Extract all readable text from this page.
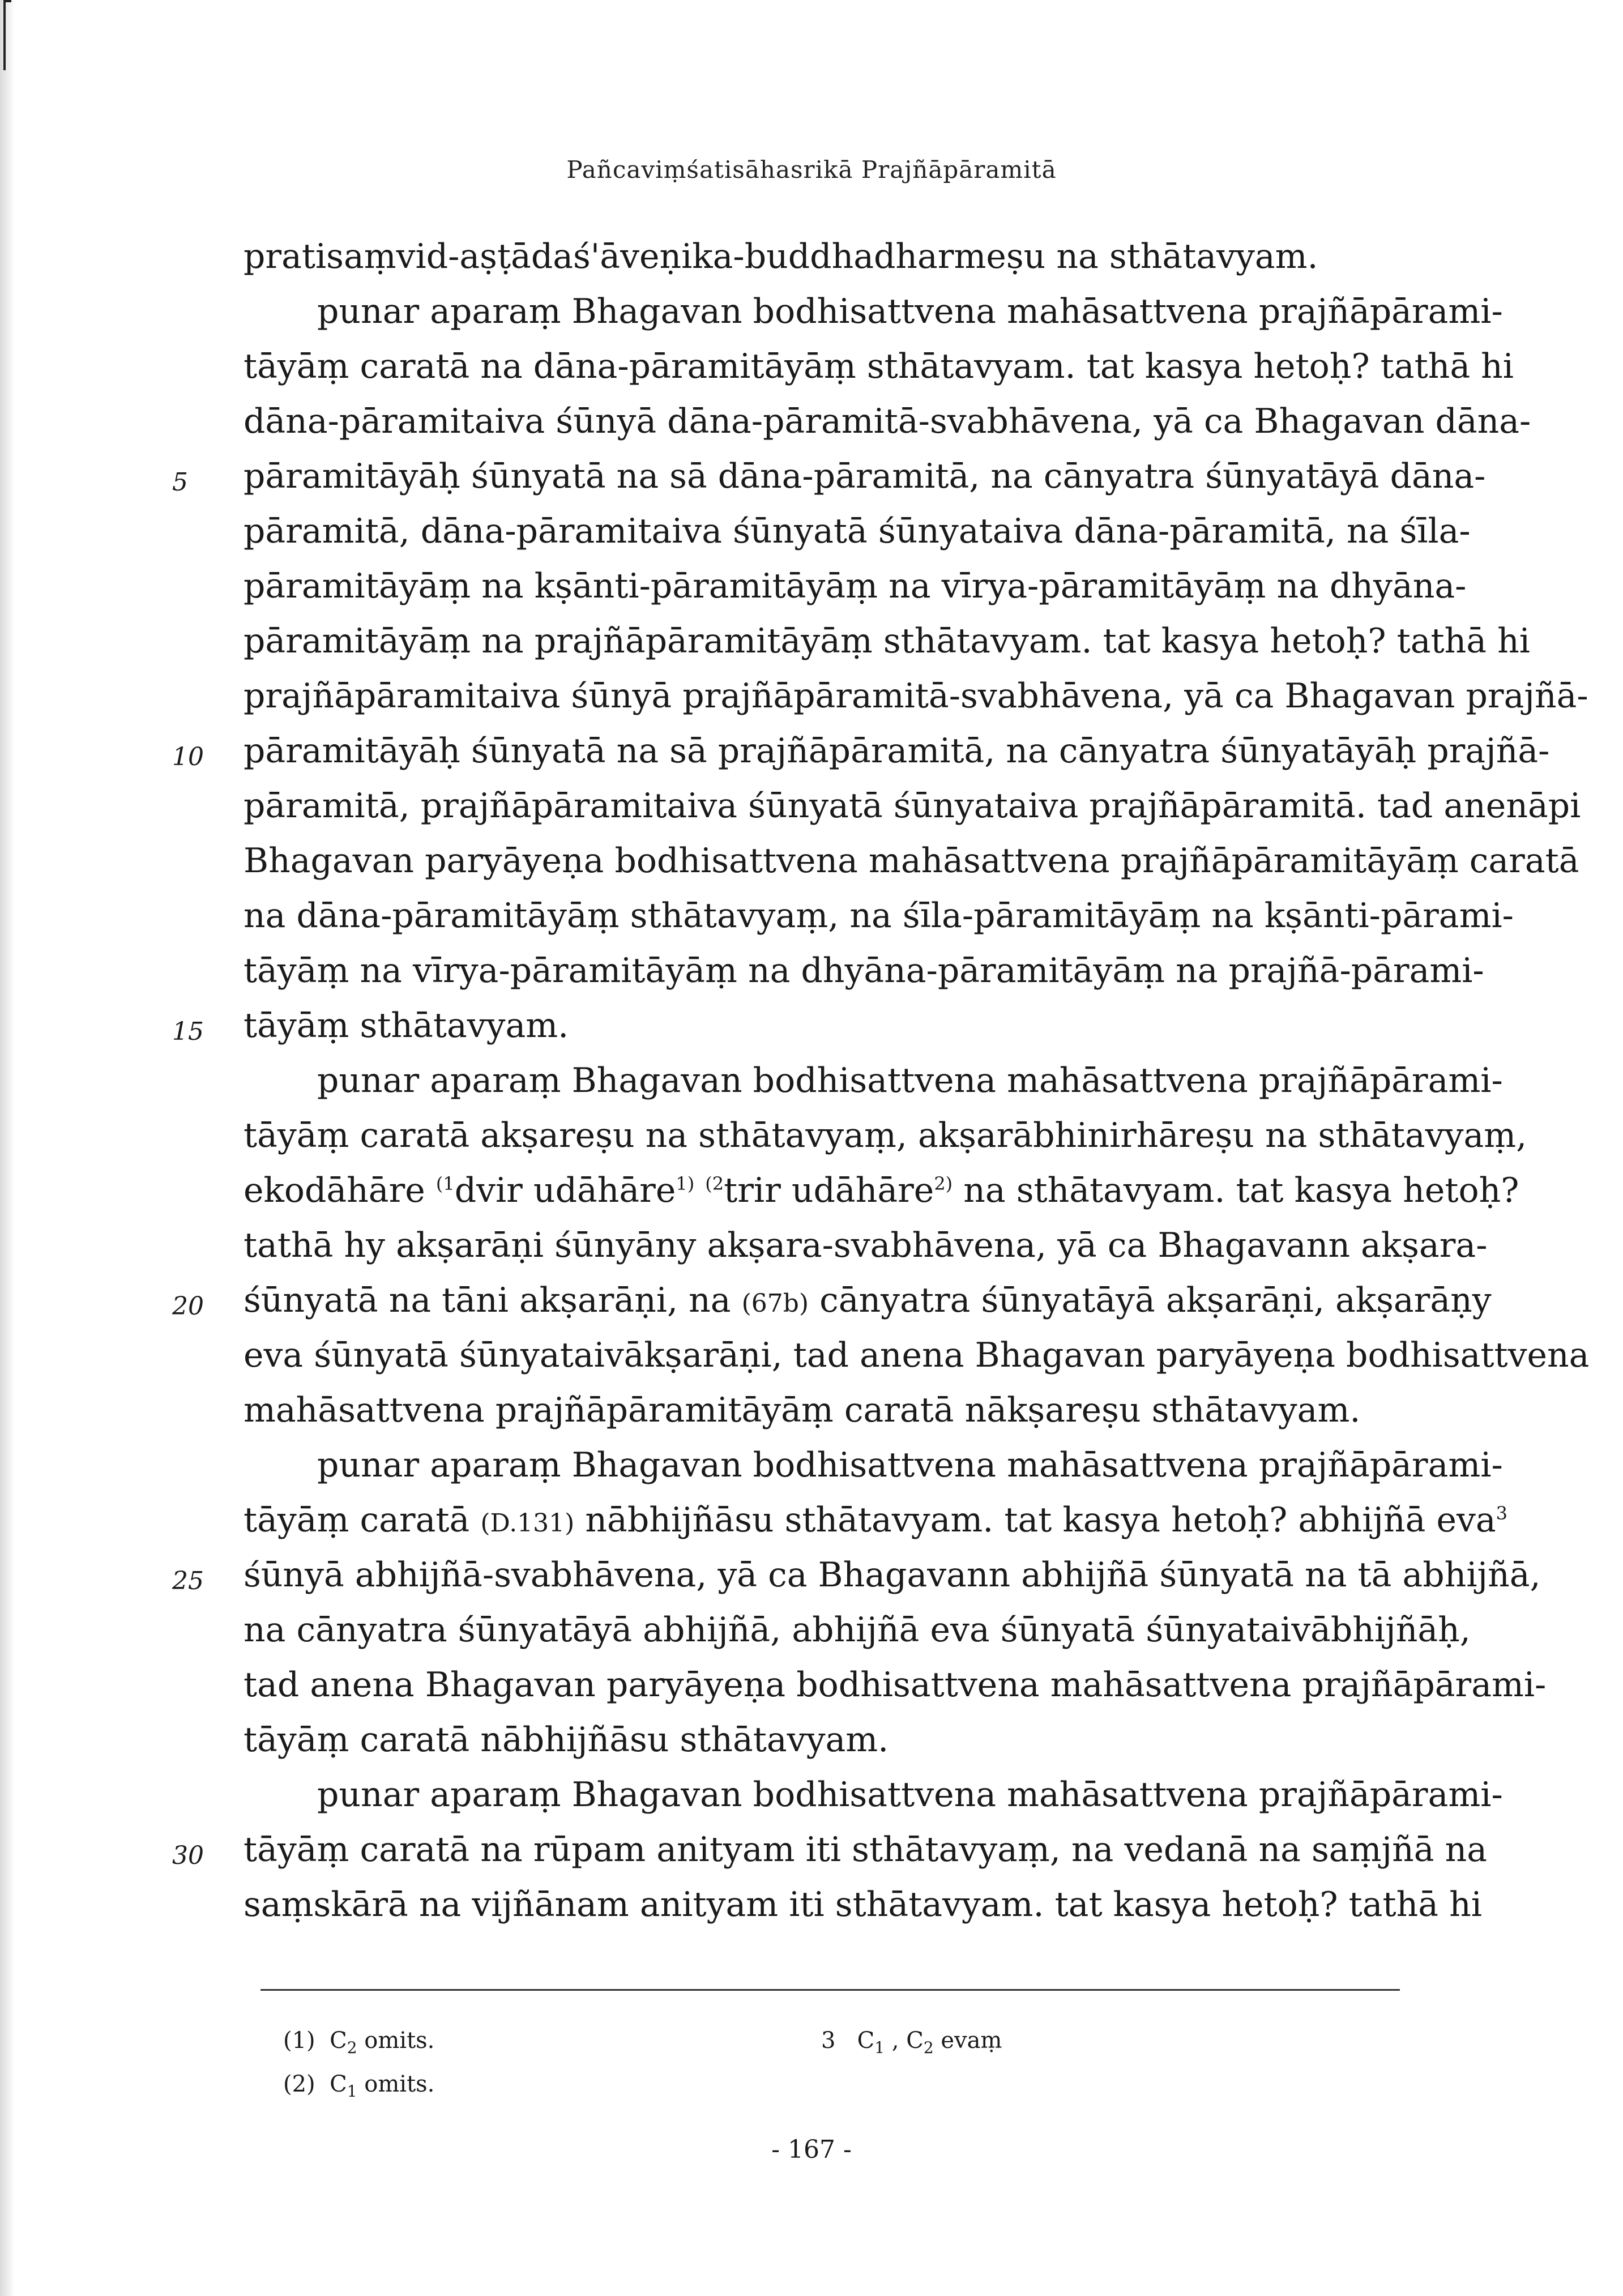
Pañcaviṃśatisāhasrikā Prajñāpāramitā
pratisaṃvid-aṣṭādaś'āveṇika-buddhadharmeṣu na sthātavyam.
punar aparaṃ Bhagavan bodhisattvena mahāsattvena prajñāpārami-
tāyāṃ caratā na dāna-pāramitāyāṃ sthātavyam. tat kasya hetoḥ? tathā hi
dāna-pāramitaiva śūnyā dāna-pāramitā-svabhāvena, yā ca Bhagavan dāna-
5	pāramitāyāḥ śūnyatā na sā dāna-pāramitā, na cānyatra śūnyatāyā dāna-
pāramitā, dāna-pāramitaiva śūnyatā śūnyataiva dāna-pāramitā, na śīla-
pāramitāyāṃ na kṣānti-pāramitāyāṃ na vīrya-pāramitāyāṃ na dhyāna-
pāramitāyāṃ na prajñāpāramitāyāṃ sthātavyam. tat kasya hetoḥ? tathā hi
prajñāpāramitaiva śūnyā prajñāpāramitā-svabhāvena, yā ca Bhagavan prajñā-
10	pāramitāyāḥ śūnyatā na sā prajñāpāramitā, na cānyatra śūnyatāyāḥ prajñā-
pāramitā, prajñāpāramitaiva śūnyatā śūnyataiva prajñāpāramitā. tad anenāpi
Bhagavan paryāyeṇa bodhisattvena mahāsattvena prajñāpāramitāyāṃ caratā
na dāna-pāramitāyāṃ sthātavyaṃ, na śīla-pāramitāyāṃ na kṣānti-pārami-
tāyāṃ na vīrya-pāramitāyāṃ na dhyāna-pāramitāyāṃ na prajñā-pārami-
15	tāyāṃ sthātavyam.
punar aparaṃ Bhagavan bodhisattvena mahāsattvena prajñāpārami-
tāyāṃ caratā akṣareṣu na sthātavyaṃ, akṣarābhinirhāreṣu na sthātavyaṃ,
ekodāhāre $^{(1}$dvir udāhāre$^{1)}$ $^{(2}$trir udāhāre$^{2)}$ na sthātavyam. tat kasya hetoḥ?
tathā hy akṣarāṇi śūnyāny akṣara-svabhāvena, yā ca Bhagavann akṣara-
20	śūnyatā na tāni akṣarāṇi, na (67b) cānyatra śūnyatāyā akṣarāṇi, akṣarāṇy
eva śūnyatā śūnyataivākṣarāṇi, tad anena Bhagavan paryāyeṇa bodhisattvena
mahāsattvena prajñāpāramitāyāṃ caratā nākṣareṣu sthātavyam.
punar aparaṃ Bhagavan bodhisattvena mahāsattvena prajñāpārami-
tāyāṃ caratā (D.131) nābhijñāsu sthātavyam. tat kasya hetoḥ? abhijñā eva$^3$
25	śūnyā abhijñā-svabhāvena, yā ca Bhagavann abhijñā śūnyatā na tā abhijñā,
na cānyatra śūnyatāyā abhijñā, abhijñā eva śūnyatā śūnyataivābhijñāḥ,
tad anena Bhagavan paryāyeṇa bodhisattvena mahāsattvena prajñāpārami-
tāyāṃ caratā nābhijñāsu sthātavyam.
punar aparaṃ Bhagavan bodhisattvena mahāsattvena prajñāpārami-
30	tāyāṃ caratā na rūpam anityam iti sthātavyaṃ, na vedanā na saṃjñā na
saṃskārā na vijñānam anityam iti sthātavyam. tat kasya hetoḥ? tathā hi
(1) $C_2$ omits.
(2) $C_1$ omits.
3 $C_1$ , $C_2$ evaṃ
- 167 -
